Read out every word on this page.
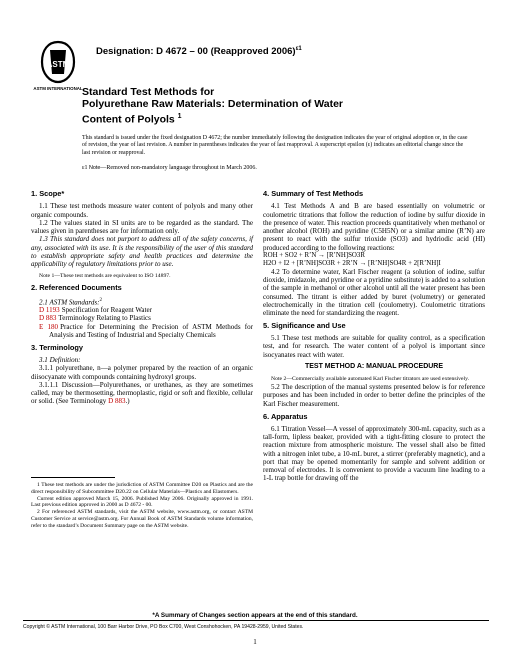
ASTM
ASTM INTERNATIONAL
Designation: D 4672 – 00 (Reapproved 2006)$^{\varepsilon 1}$
Standard Test Methods for
Polyurethane Raw Materials: Determination of Water
Content of Polyols $^1$
This standard is issued under the fixed designation D 4672; the number immediately following the designation indicates the year of original adoption or, in the case of revision, the year of last revision. A number in parentheses indicates the year of last reapproval. A superscript epsilon (ε) indicates an editorial change since the last revision or reapproval.
ε1 Note—Removed non-mandatory language throughout in March 2006.
1. Scope*

1.1 These test methods measure water content of polyols and many other organic compounds.

1.2 The values stated in SI units are to be regarded as the standard. The values given in parentheses are for information only.

1.3 This standard does not purport to address all of the safety concerns, if any, associated with its use. It is the responsibility of the user of this standard to establish appropriate safety and health practices and determine the applicability of regulatory limitations prior to use.

Note 1—These test methods are equivalent to ISO 14897.

2. Referenced Documents

2.1 ASTM Standards:$^2$

D 1193 Specification for Reagent Water

D 883 Terminology Relating to Plastics

E 180 Practice for Determining the Precision of ASTM Methods for Analysis and Testing of Industrial and Specialty Chemicals

3. Terminology

3.1 Definition:

3.1.1 polyurethane, n—a polymer prepared by the reaction of an organic diisocyanate with compounds containing hydroxyl groups.

3.1.1.1 Discussion—Polyurethanes, or urethanes, as they are sometimes called, may be thermosetting, thermoplastic, rigid or soft and flexible, cellular or solid. (See Terminology D 883.)

1 These test methods are under the jurisdiction of ASTM Committee D20 on Plastics and are the direct responsibility of Subcommittee D20.22 on Cellular Materials—Plastics and Elastomers.

Current edition approved March 15, 2006. Published May 2006. Originally approved in 1991. Last previous edition approved in 2000 as D 4672 - 00.

2 For referenced ASTM standards, visit the ASTM website, www.astm.org, or contact ASTM Customer Service at service@astm.org. For Annual Book of ASTM Standards volume information, refer to the standard’s Document Summary page on the ASTM website.

4. Summary of Test Methods

4.1 Test Methods A and B are based essentially on volumetric or coulometric titrations that follow the reduction of iodine by sulfur dioxide in the presence of water. This reaction proceeds quantitatively when methanol or another alcohol (ROH) and pyridine (C5H5N) or a similar amine (R’N) are present to react with the sulfur trioxide (SO3) and hydriodic acid (HI) produced according to the following reactions:

ROH + SO2 + R’N → [R’NH]SO3R

H2O + I2 + [R’NH]SO3R + 2R’N → [R’NH]SO4R + 2[R’NH]I

4.2 To determine water, Karl Fischer reagent (a solution of iodine, sulfur dioxide, imidazole, and pyridine or a pyridine substitute) is added to a solution of the sample in methanol or other alcohol until all the water present has been consumed. The titrant is either added by buret (volumetry) or generated electrochemically in the titration cell (coulometry). Coulometric titrations eliminate the need for standardizing the reagent.

5. Significance and Use

5.1 These test methods are suitable for quality control, as a specification test, and for research. The water content of a polyol is important since isocyanates react with water.

TEST METHOD A: MANUAL PROCEDURE

Note 2—Commercially available automated Karl Fischer titrators are used extensively.

5.2 The description of the manual systems presented below is for reference purposes and has been included in order to better define the principles of the Karl Fischer measurement.

6. Apparatus

6.1 Titration Vessel—A vessel of approximately 300-mL capacity, such as a tall-form, lipless beaker, provided with a tight-fitting closure to protect the reaction mixture from atmospheric moisture. The vessel shall also be fitted with a nitrogen inlet tube, a 10-mL buret, a stirrer (preferably magnetic), and a port that may be opened momentarily for sample and solvent addition or removal of electrodes. It is convenient to provide a vacuum line leading to a 1-L trap bottle for drawing off the

*A Summary of Changes section appears at the end of this standard.
Copyright © ASTM International, 100 Barr Harbor Drive, PO Box C700, West Conshohocken, PA 19428-2959, United States.
1
